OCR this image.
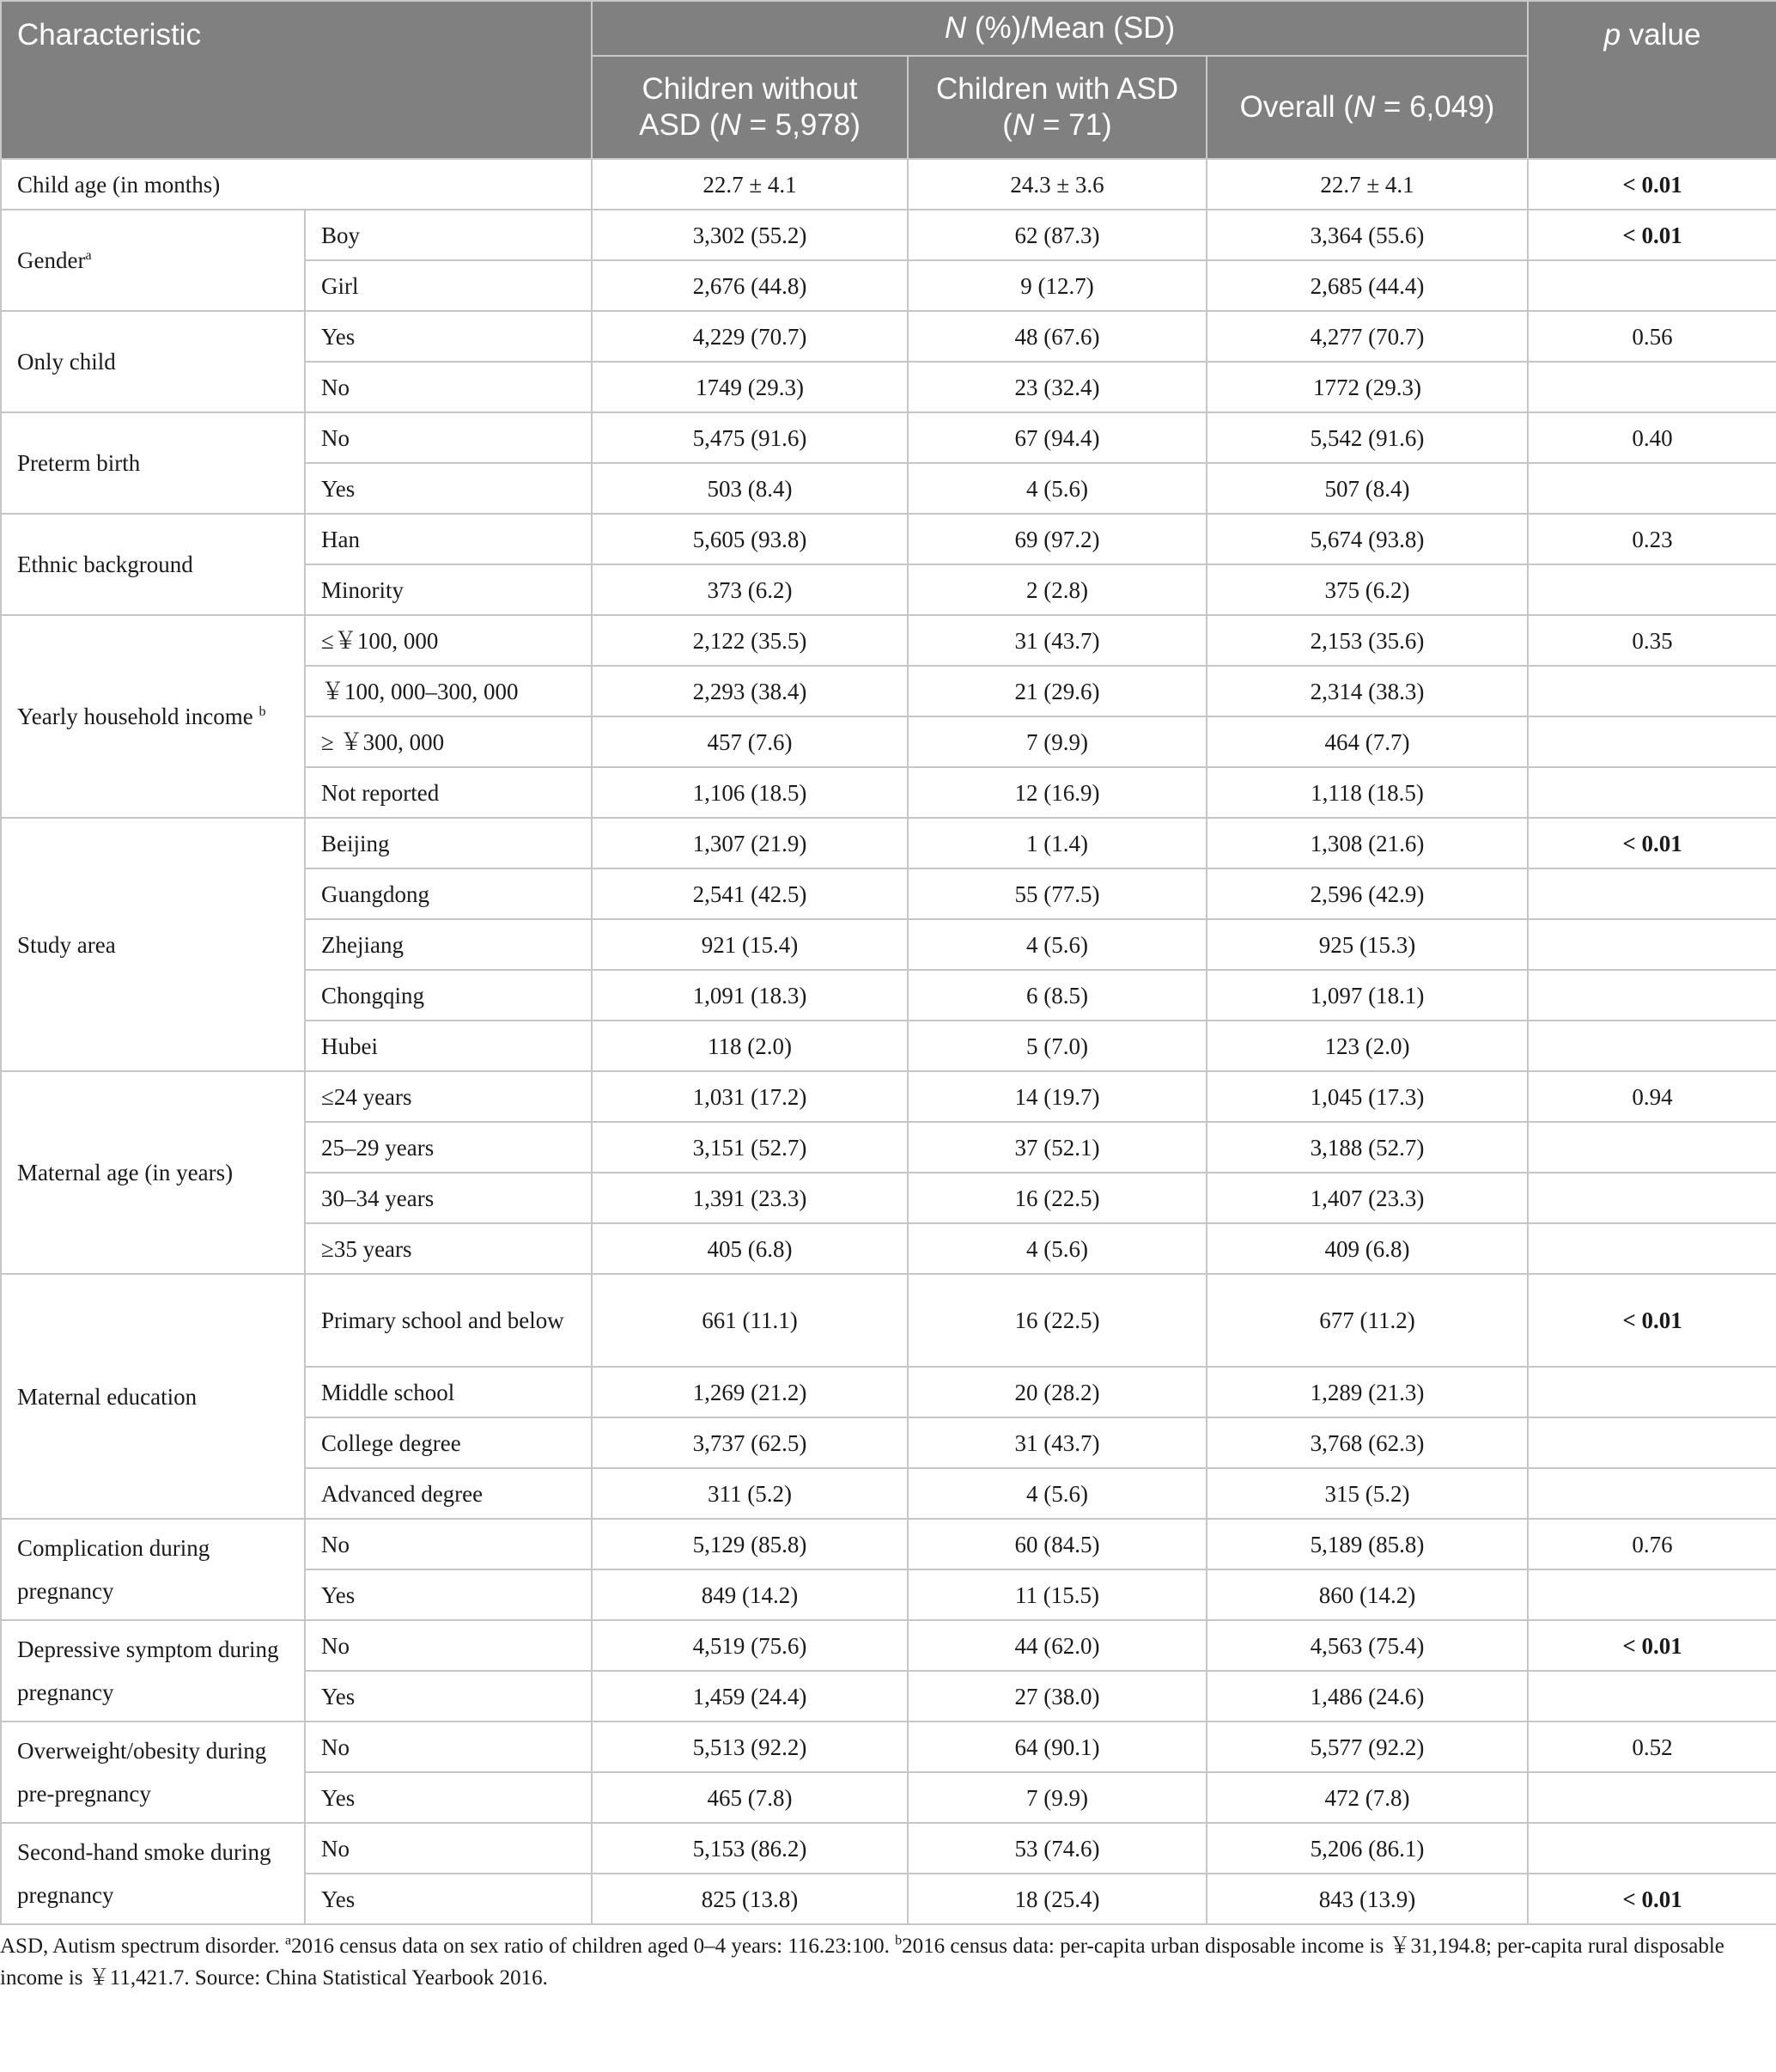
Characteristic		N (%)/Mean (SD)			p value
		Children without ASD (N = 5,978)	Children with ASD (N = 71)	Overall (N = 6,049)	
Child age (in months)		22.7 ± 4.1	24.3 ± 3.6	22.7 ± 4.1	< 0.01
Gender$^a$	Boy	3,302 (55.2)	62 (87.3)	3,364 (55.6)	< 0.01
	Girl	2,676 (44.8)	9 (12.7)	2,685 (44.4)	
Only child	Yes	4,229 (70.7)	48 (67.6)	4,277 (70.7)	0.56
	No	1749 (29.3)	23 (32.4)	1772 (29.3)	
Preterm birth	No	5,475 (91.6)	67 (94.4)	5,542 (91.6)	0.40
	Yes	503 (8.4)	4 (5.6)	507 (8.4)	
Ethnic background	Han	5,605 (93.8)	69 (97.2)	5,674 (93.8)	0.23
	Minority	373 (6.2)	2 (2.8)	375 (6.2)	
Yearly household income $^b$	≤￥100, 000	2,122 (35.5)	31 (43.7)	2,153 (35.6)	0.35
	￥100, 000–300, 000	2,293 (38.4)	21 (29.6)	2,314 (38.3)	
	≥ ￥300, 000	457 (7.6)	7 (9.9)	464 (7.7)	
	Not reported	1,106 (18.5)	12 (16.9)	1,118 (18.5)	
Study area	Beijing	1,307 (21.9)	1 (1.4)	1,308 (21.6)	< 0.01
	Guangdong	2,541 (42.5)	55 (77.5)	2,596 (42.9)	
	Zhejiang	921 (15.4)	4 (5.6)	925 (15.3)	
	Chongqing	1,091 (18.3)	6 (8.5)	1,097 (18.1)	
	Hubei	118 (2.0)	5 (7.0)	123 (2.0)	
Maternal age (in years)	≤24 years	1,031 (17.2)	14 (19.7)	1,045 (17.3)	0.94
	25–29 years	3,151 (52.7)	37 (52.1)	3,188 (52.7)	
	30–34 years	1,391 (23.3)	16 (22.5)	1,407 (23.3)	
	≥35 years	405 (6.8)	4 (5.6)	409 (6.8)	
Maternal education	Primary school and below	661 (11.1)	16 (22.5)	677 (11.2)	< 0.01
	Middle school	1,269 (21.2)	20 (28.2)	1,289 (21.3)	
	College degree	3,737 (62.5)	31 (43.7)	3,768 (62.3)	
	Advanced degree	311 (5.2)	4 (5.6)	315 (5.2)	
Complication during pregnancy	No	5,129 (85.8)	60 (84.5)	5,189 (85.8)	0.76
	Yes	849 (14.2)	11 (15.5)	860 (14.2)	
Depressive symptom during pregnancy	No	4,519 (75.6)	44 (62.0)	4,563 (75.4)	< 0.01
	Yes	1,459 (24.4)	27 (38.0)	1,486 (24.6)	
Overweight/obesity during pre-pregnancy	No	5,513 (92.2)	64 (90.1)	5,577 (92.2)	0.52
	Yes	465 (7.8)	7 (9.9)	472 (7.8)	
Second-hand smoke during pregnancy	No	5,153 (86.2)	53 (74.6)	5,206 (86.1)	
	Yes	825 (13.8)	18 (25.4)	843 (13.9)	< 0.01
ASD, Autism spectrum disorder. $^a$2016 census data on sex ratio of children aged 0–4 years: 116.23:100. $^b$2016 census data: per-capita urban disposable income is ￥31,194.8; per-capita rural disposable income is ￥11,421.7. Source: China Statistical Yearbook 2016.
